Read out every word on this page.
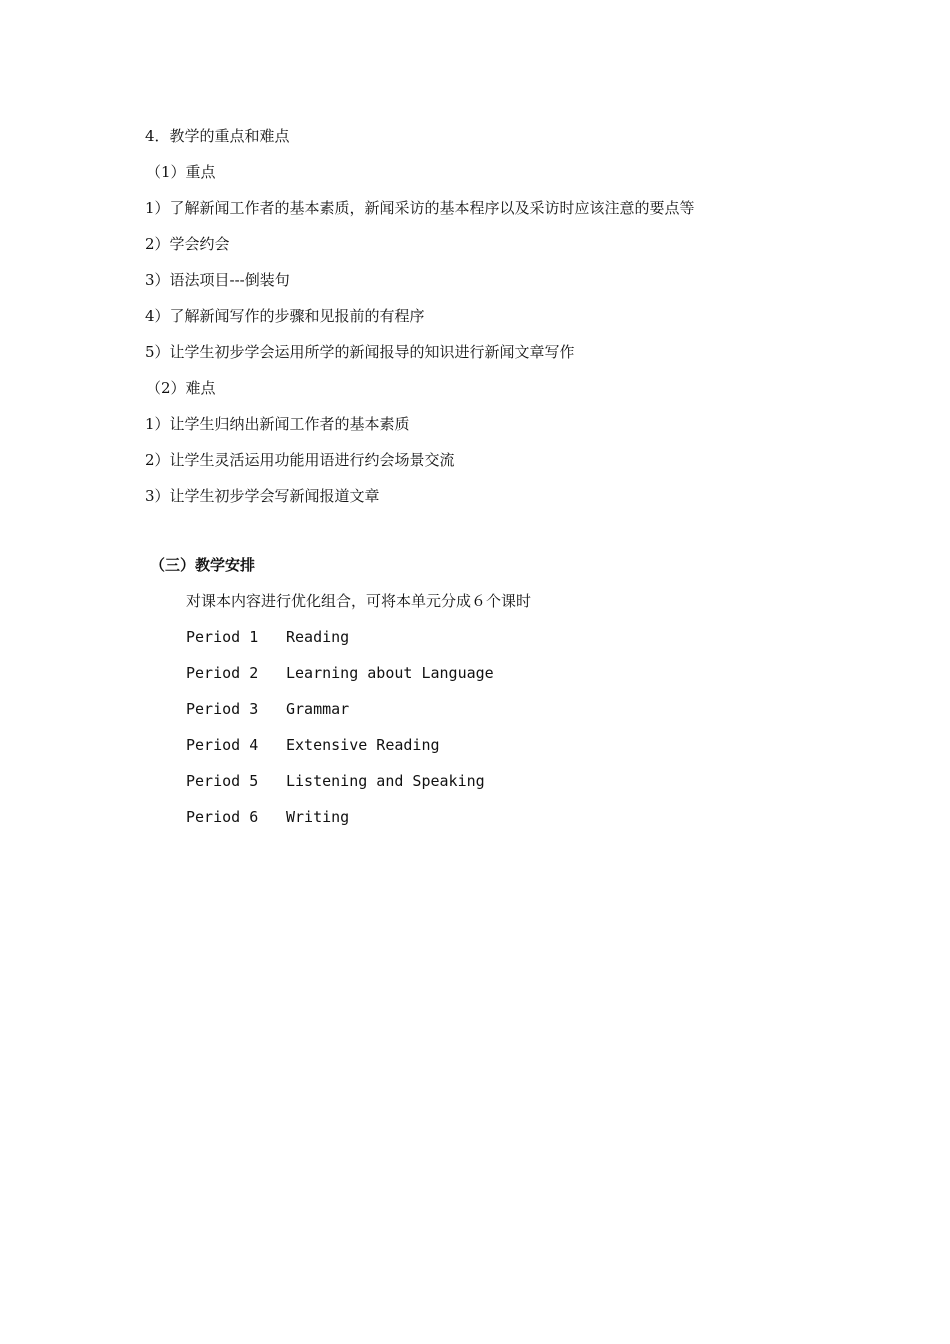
4．教学的重点和难点
（1）重点
1）了解新闻工作者的基本素质，新闻采访的基本程序以及采访时应该注意的要点等
2）学会约会
3）语法项目---倒装句
4）了解新闻写作的步骤和见报前的有程序
5）让学生初步学会运用所学的新闻报导的知识进行新闻文章写作
（2）难点
1）让学生归纳出新闻工作者的基本素质
2）让学生灵活运用功能用语进行约会场景交流
3）让学生初步学会写新闻报道文章
（三）教学安排
对课本内容进行优化组合，可将本单元分成６个课时
Period 1 Reading
Period 2 Learning about Language
Period 3 Grammar
Period 4 Extensive Reading
Period 5 Listening and Speaking
Period 6 Writing
